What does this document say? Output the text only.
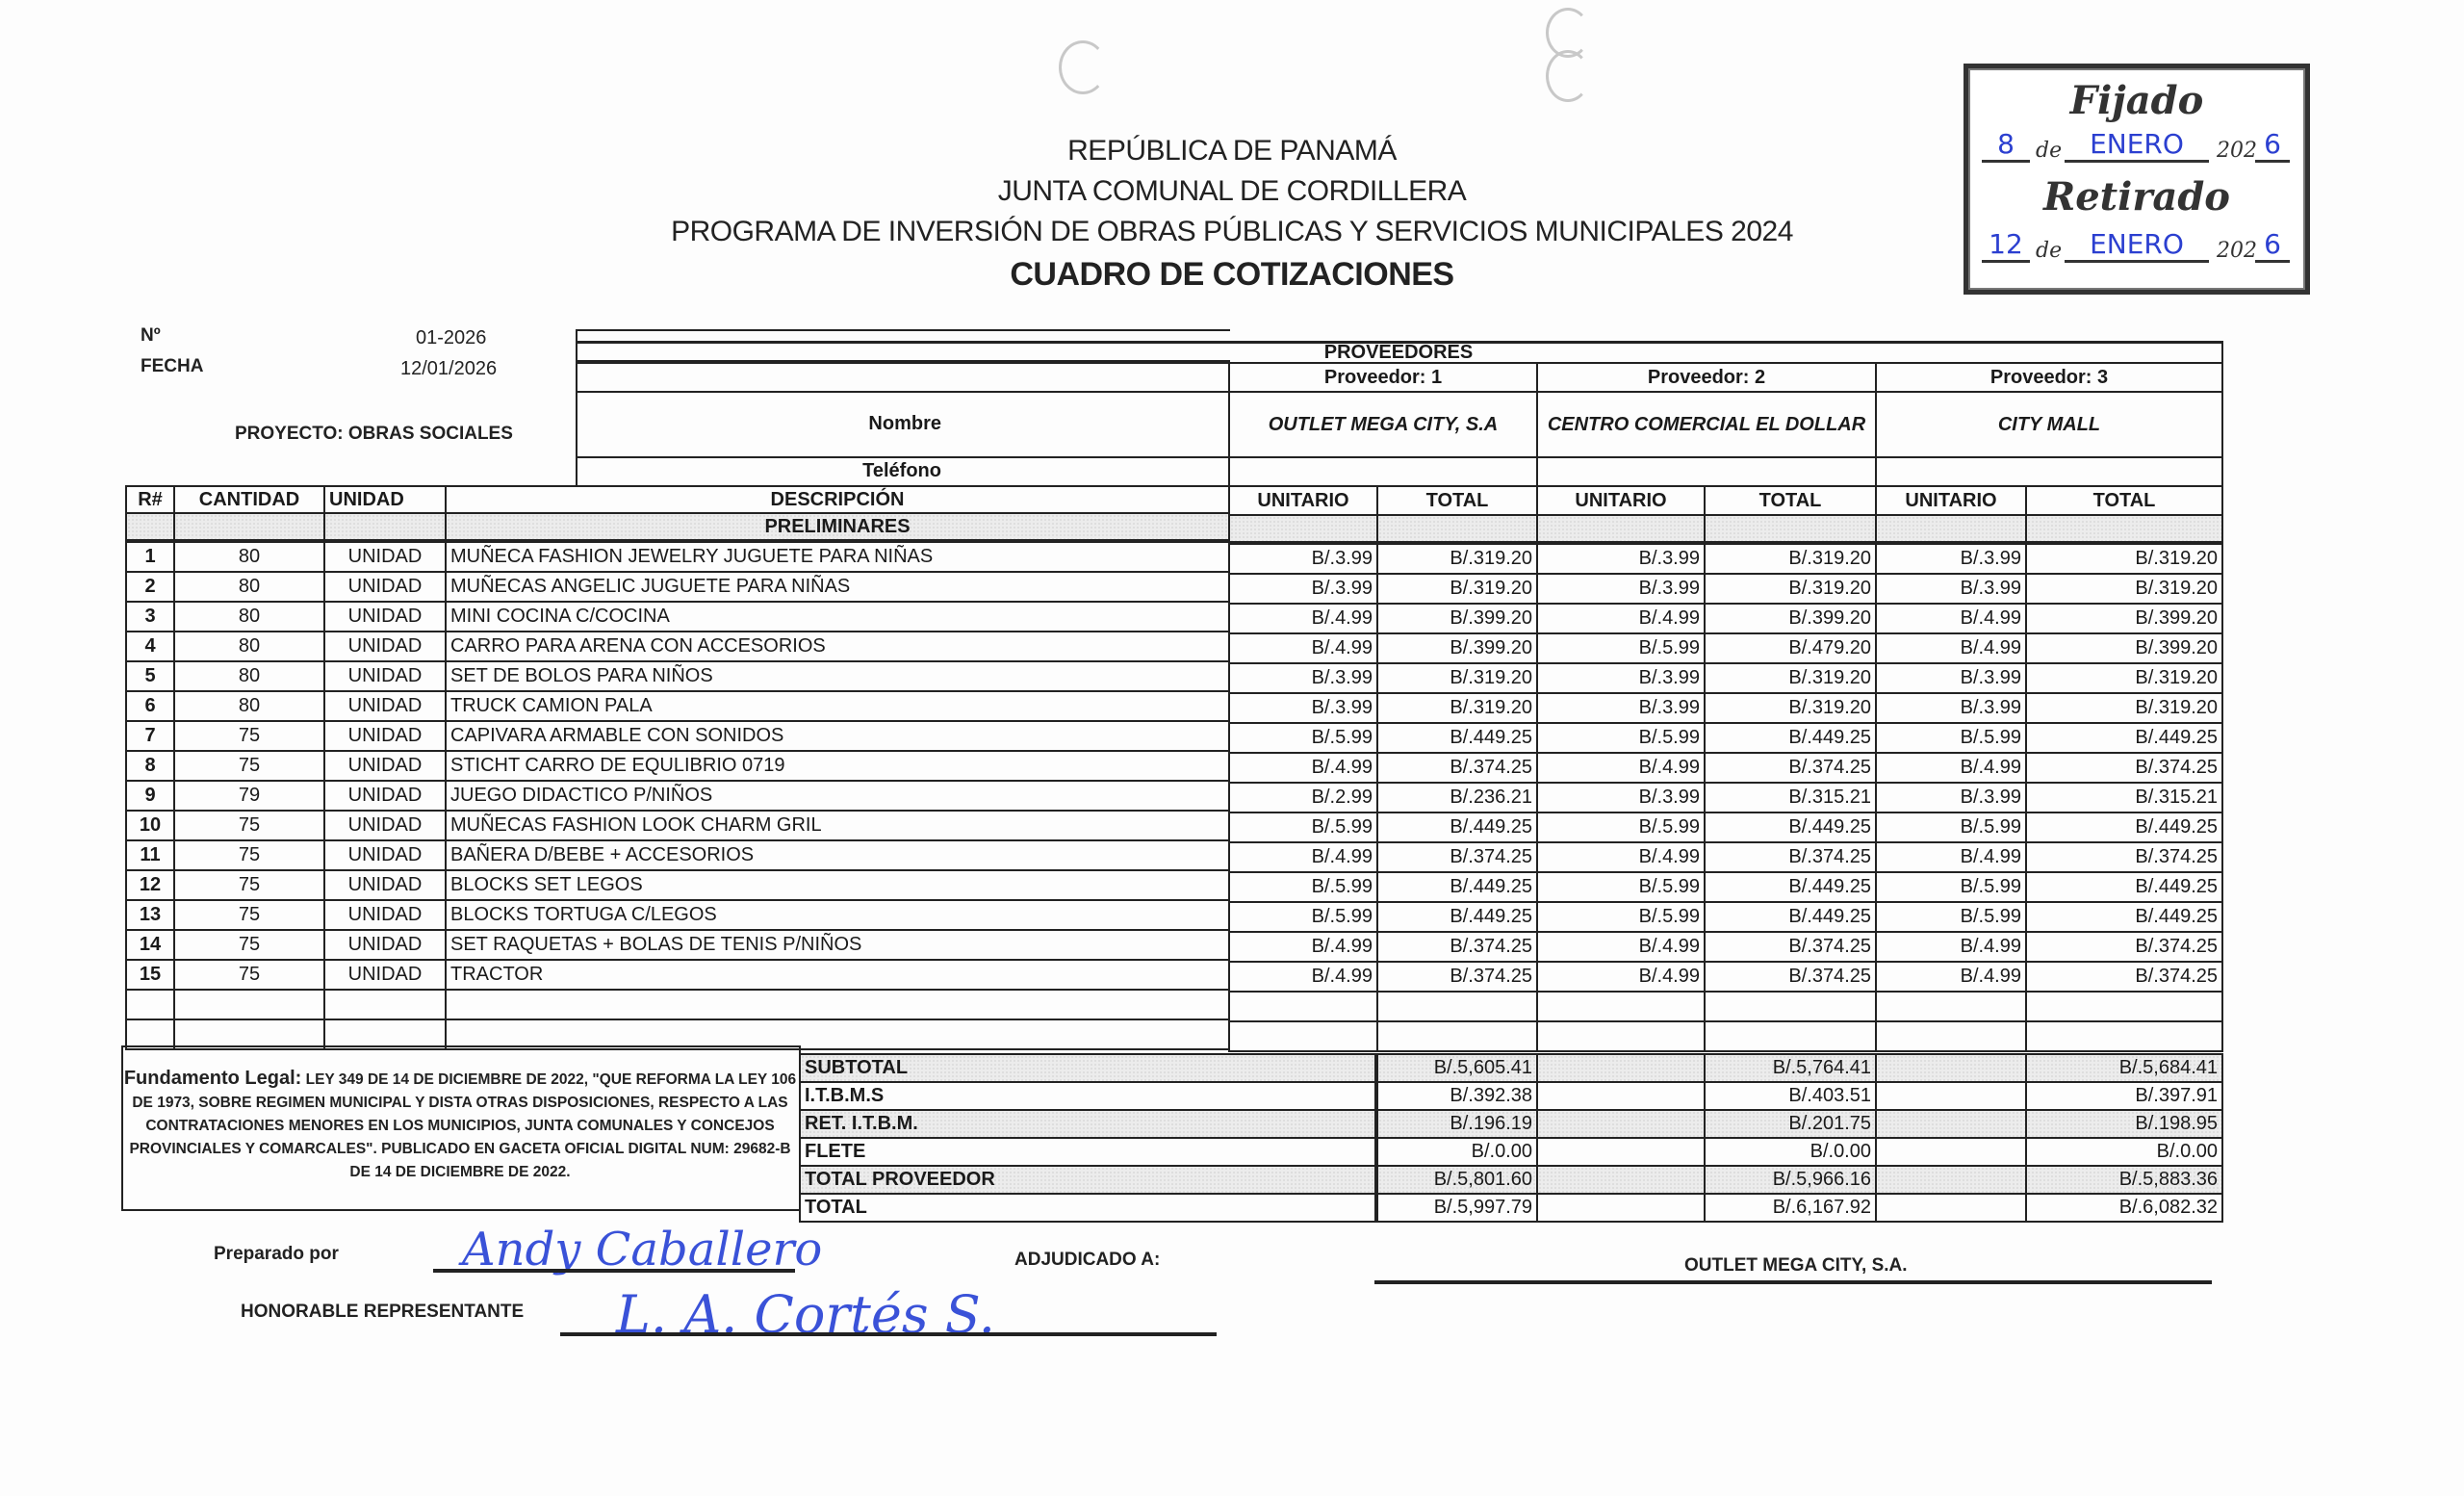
REPÚBLICA DE PANAMÁ
JUNTA COMUNAL DE CORDILLERA
PROGRAMA DE INVERSIÓN DE OBRAS PÚBLICAS Y SERVICIOS MUNICIPALES 2024
CUADRO DE COTIZACIONES
Fijado
8	de	ENERO	202 6
Retirado
12 de	ENERO	202 6
Nº	01-2026
FECHA	12/01/2026
PROYECTO: OBRAS SOCIALES	Nombre
Teléfono
PROVEEDORES
Proveedor: 1
OUTLET MEGA CITY, S.A
UNITARIO	TOTAL
Proveedor: 2
CENTRO COMERCIAL EL DOLLAR
UNITARIO	TOTAL
Proveedor: 3
CITY MALL
UNITARIO	TOTAL
R# CANTIDAD UNIDAD	DESCRIPCIÓN
PRELIMINARES
1	80	UNIDAD MUÑECA FASHION JEWELRY JUGUETE PARA NIÑAS	B/.3.99	B/.319.20	B/.3.99	B/.319.20	B/.3.99	B/.319.20
2	80	UNIDAD MUÑECAS ANGELIC JUGUETE PARA NIÑAS	B/.3.99	B/.319.20	B/.3.99	B/.319.20	B/.3.99	B/.319.20
3	80	UNIDAD MINI COCINA C/COCINA	B/.4.99	B/.399.20	B/.4.99	B/.399.20	B/.4.99	B/.399.20
4	80	UNIDAD CARRO PARA ARENA CON ACCESORIOS	B/.4.99	B/.399.20	B/.5.99	B/.479.20	B/.4.99	B/.399.20
5	80	UNIDAD SET DE BOLOS PARA NIÑOS	B/.3.99	B/.319.20	B/.3.99	B/.319.20	B/.3.99	B/.319.20
6	80	UNIDAD TRUCK CAMION PALA	B/.3.99	B/.319.20	B/.3.99	B/.319.20	B/.3.99	B/.319.20
7	75	UNIDAD CAPIVARA ARMABLE CON SONIDOS	B/.5.99	B/.449.25	B/.5.99	B/.449.25	B/.5.99	B/.449.25
8	75	UNIDAD STICHT CARRO DE EQULIBRIO 0719	B/.4.99	B/.374.25	B/.4.99	B/.374.25	B/.4.99	B/.374.25
9	79	UNIDAD JUEGO DIDACTICO P/NIÑOS	B/.2.99	B/.236.21	B/.3.99	B/.315.21	B/.3.99	B/.315.21
10	75	UNIDAD MUÑECAS FASHION LOOK CHARM GRIL	B/.5.99	B/.449.25	B/.5.99	B/.449.25	B/.5.99	B/.449.25
11	75	UNIDAD BAÑERA D/BEBE + ACCESORIOS	B/.4.99	B/.374.25	B/.4.99	B/.374.25	B/.4.99	B/.374.25
12	75	UNIDAD BLOCKS SET LEGOS	B/.5.99	B/.449.25	B/.5.99	B/.449.25	B/.5.99	B/.449.25
13	75	UNIDAD BLOCKS TORTUGA C/LEGOS	B/.5.99	B/.449.25	B/.5.99	B/.449.25	B/.5.99	B/.449.25
14	75	UNIDAD SET RAQUETAS + BOLAS DE TENIS P/NIÑOS	B/.4.99	B/.374.25	B/.4.99	B/.374.25	B/.4.99	B/.374.25
15	75	UNIDAD TRACTOR	B/.4.99	B/.374.25	B/.4.99	B/.374.25	B/.4.99	B/.374.25
Fundamento Legal: LEY 349 DE 14 DE DICIEMBRE DE 2022, "QUE REFORMA LA LEY 106 DE 1973, SOBRE REGIMEN MUNICIPAL Y DISTA OTRAS DISPOSICIONES, RESPECTO A LAS CONTRATACIONES MENORES EN LOS MUNICIPIOS, JUNTA COMUNALES Y CONCEJOS PROVINCIALES Y COMARCALES". PUBLICADO EN GACETA OFICIAL DIGITAL NUM: 29682-B DE 14 DE DICIEMBRE DE 2022.
SUBTOTAL	B/.5,605.41	B/.5,764.41	B/.5,684.41
I.T.B.M.S	B/.392.38	B/.403.51	B/.397.91
RET. I.T.B.M.	B/.196.19	B/.201.75	B/.198.95
FLETE	B/.0.00	B/.0.00	B/.0.00
TOTAL PROVEEDOR	B/.5,801.60	B/.5,966.16	B/.5,883.36
TOTAL	B/.5,997.79	B/.6,167.92	B/.6,082.32
Preparado por	Andy Caballero
HONORABLE REPRESENTANTE L. A. Cortés S.
ADJUDICADO A:	OUTLET MEGA CITY, S.A.
